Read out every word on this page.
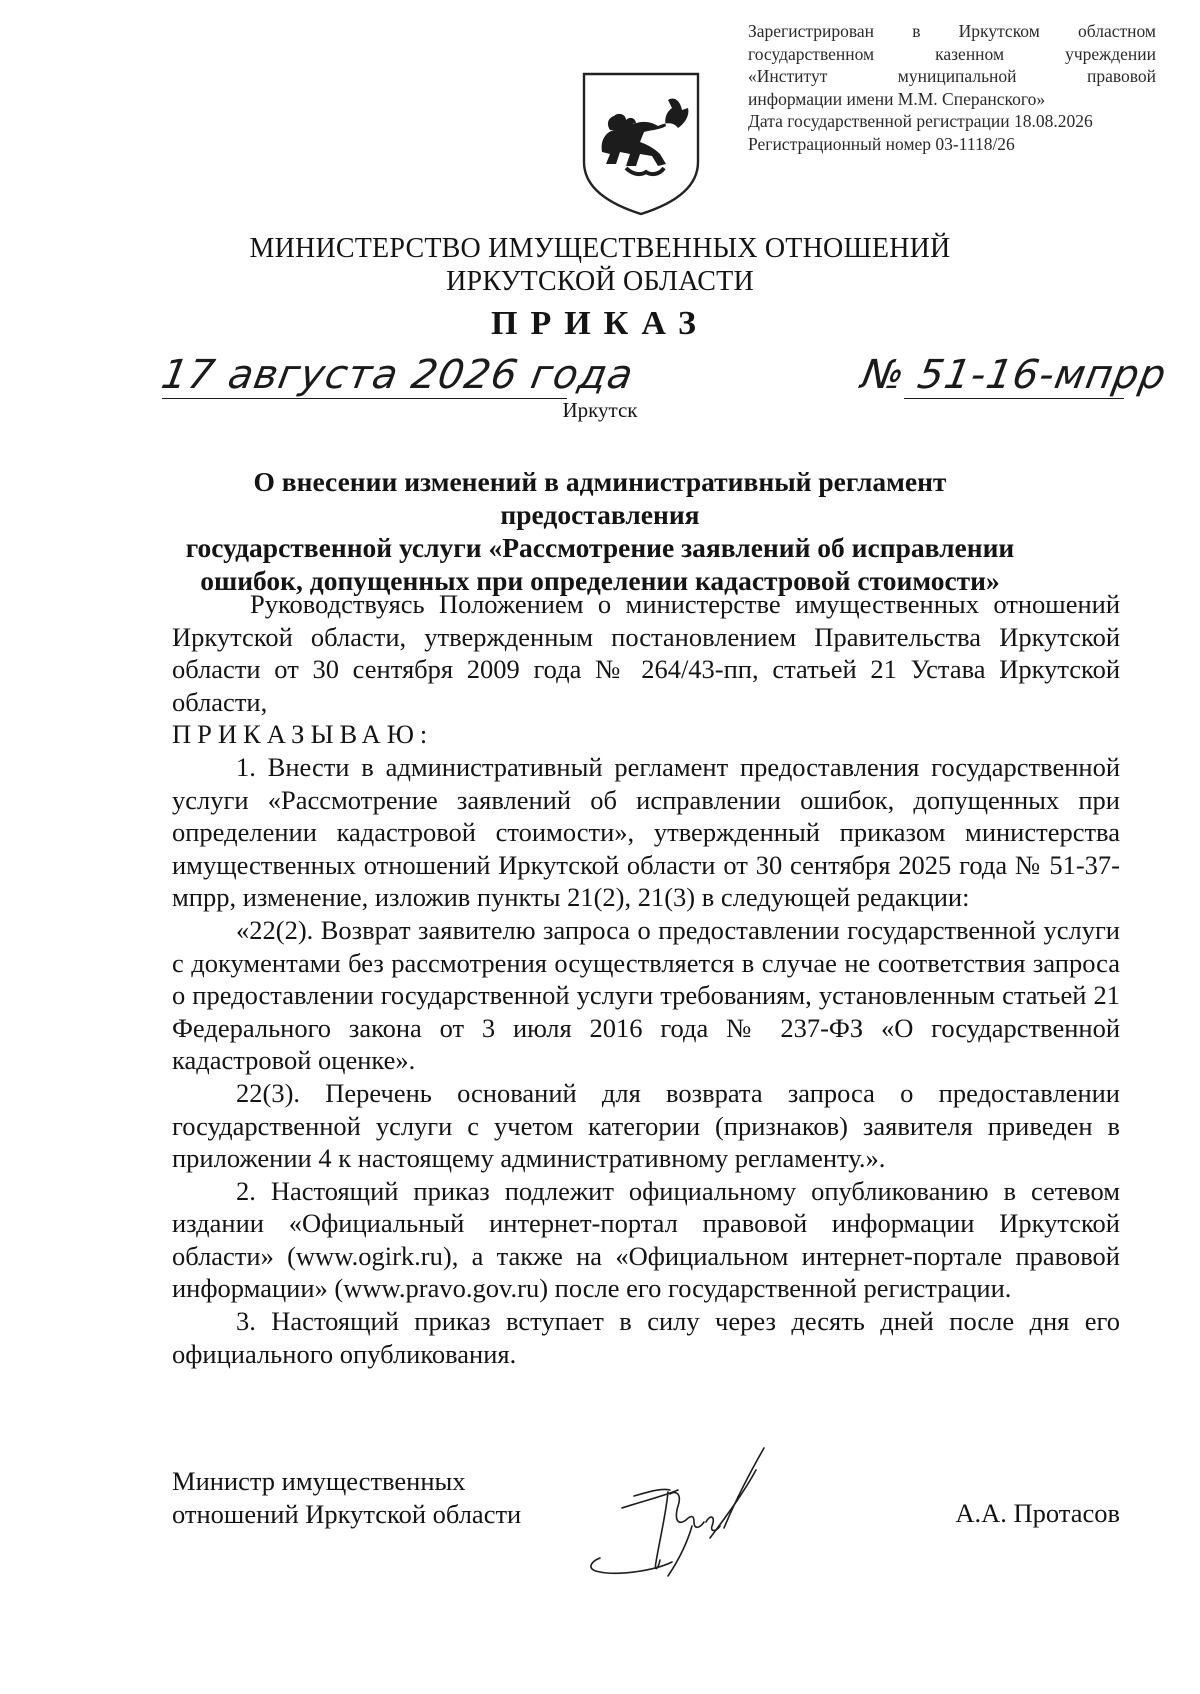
Зарегистрирован в Иркутском областном
государственном казенном учреждении
«Институт муниципальной правовой
информации имени М.М. Сперанского»
Дата государственной регистрации 18.08.2026
Регистрационный номер 03-1118/26
МИНИСТЕРСТВО ИМУЩЕСТВЕННЫХ ОТНОШЕНИЙ
ИРКУТСКОЙ ОБЛАСТИ
ПРИКАЗ
17 августа 2026 года	№ 51-16-мпрр
Иркутск
О внесении изменений в административный регламент предоставления
государственной услуги «Рассмотрение заявлений об исправлении
ошибок, допущенных при определении кадастровой стоимости»

Руководствуясь Положением о министерстве имущественных отношений Иркутской области, утвержденным постановлением Правительства Иркутской области от 30 сентября 2009 года № 264/43-пп, статьей 21 Устава Иркутской области,

ПРИКАЗЫВАЮ:

1. Внести в административный регламент предоставления государственной услуги «Рассмотрение заявлений об исправлении ошибок, допущенных при определении кадастровой стоимости», утвержденный приказом министерства имущественных отношений Иркутской области от 30 сентября 2025 года № 51-37-мпрр, изменение, изложив пункты 21(2), 21(3) в следующей редакции:

«22(2). Возврат заявителю запроса о предоставлении государственной услуги с документами без рассмотрения осуществляется в случае не соответствия запроса о предоставлении государственной услуги требованиям, установленным статьей 21 Федерального закона от 3 июля 2016 года № 237-ФЗ «О государственной кадастровой оценке».

22(3). Перечень оснований для возврата запроса о предоставлении государственной услуги с учетом категории (признаков) заявителя приведен в приложении 4 к настоящему административному регламенту.».

2. Настоящий приказ подлежит официальному опубликованию в сетевом издании «Официальный интернет-портал правовой информации Иркутской области» (www.ogirk.ru), а также на «Официальном интернет-портале правовой информации» (www.pravo.gov.ru) после его государственной регистрации.

3. Настоящий приказ вступает в силу через десять дней после дня его официального опубликования.

Министр имущественных
отношений Иркутской области	А.А. Протасов
